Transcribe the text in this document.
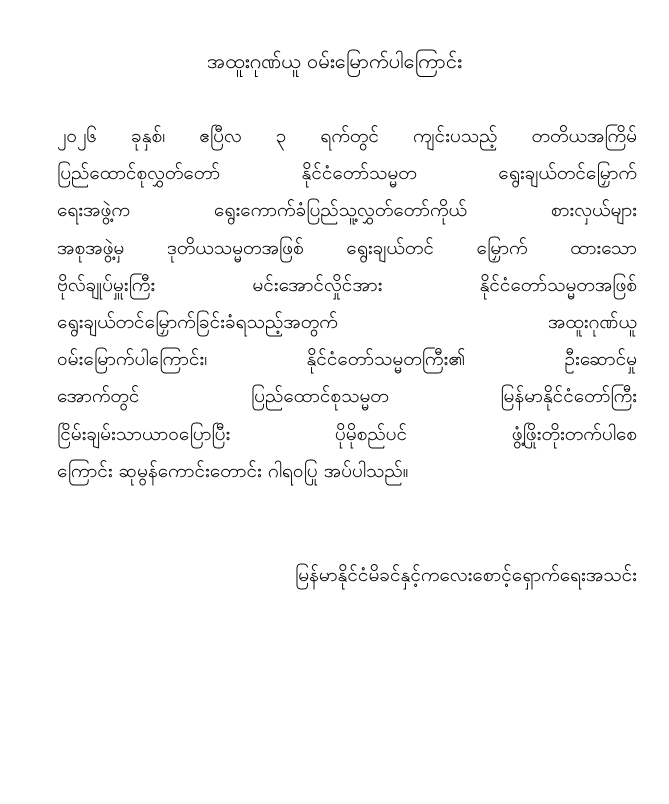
အထူးဂုဏ်ယူ ဝမ်းမြောက်ပါကြောင်း
၂၀၂၆ ခုနှစ်၊ ဧပြီလ ၃ ရက်တွင် ကျင်းပသည့် တတိယအကြိမ်
ပြည်ထောင်စုလွှတ်တော် နိုင်ငံတော်သမ္မတ ရွေးချယ်တင်မြှောက်
ရေးအဖွဲ့က ရွေးကောက်ခံပြည်သူ့လွှတ်တော်ကိုယ် စားလှယ်များ
အစုအဖွဲ့မှ ဒုတိယသမ္မတအဖြစ် ရွေးချယ်တင် မြှောက် ထားသော
ဗိုလ်ချုပ်မှူးကြီး မင်းအောင်လှိုင်အား နိုင်ငံတော်သမ္မတအဖြစ်
ရွေးချယ်တင်မြှောက်ခြင်းခံရသည့်အတွက် အထူးဂုဏ်ယူ
ဝမ်းမြောက်ပါကြောင်း၊ နိုင်ငံတော်သမ္မတကြီး၏ ဦးဆောင်မှု
အောက်တွင် ပြည်ထောင်စုသမ္မတ မြန်မာနိုင်ငံတော်ကြီး
ငြိမ်းချမ်းသာယာဝပြောပြီး ပိုမိုစည်ပင် ဖွံ့ဖြိုးတိုးတက်ပါစေ
ကြောင်း ဆုမွန်ကောင်းတောင်း ဂါရဝပြု အပ်ပါသည်။
မြန်မာနိုင်ငံမိခင်နှင့်ကလေးစောင့်ရှောက်ရေးအသင်း
